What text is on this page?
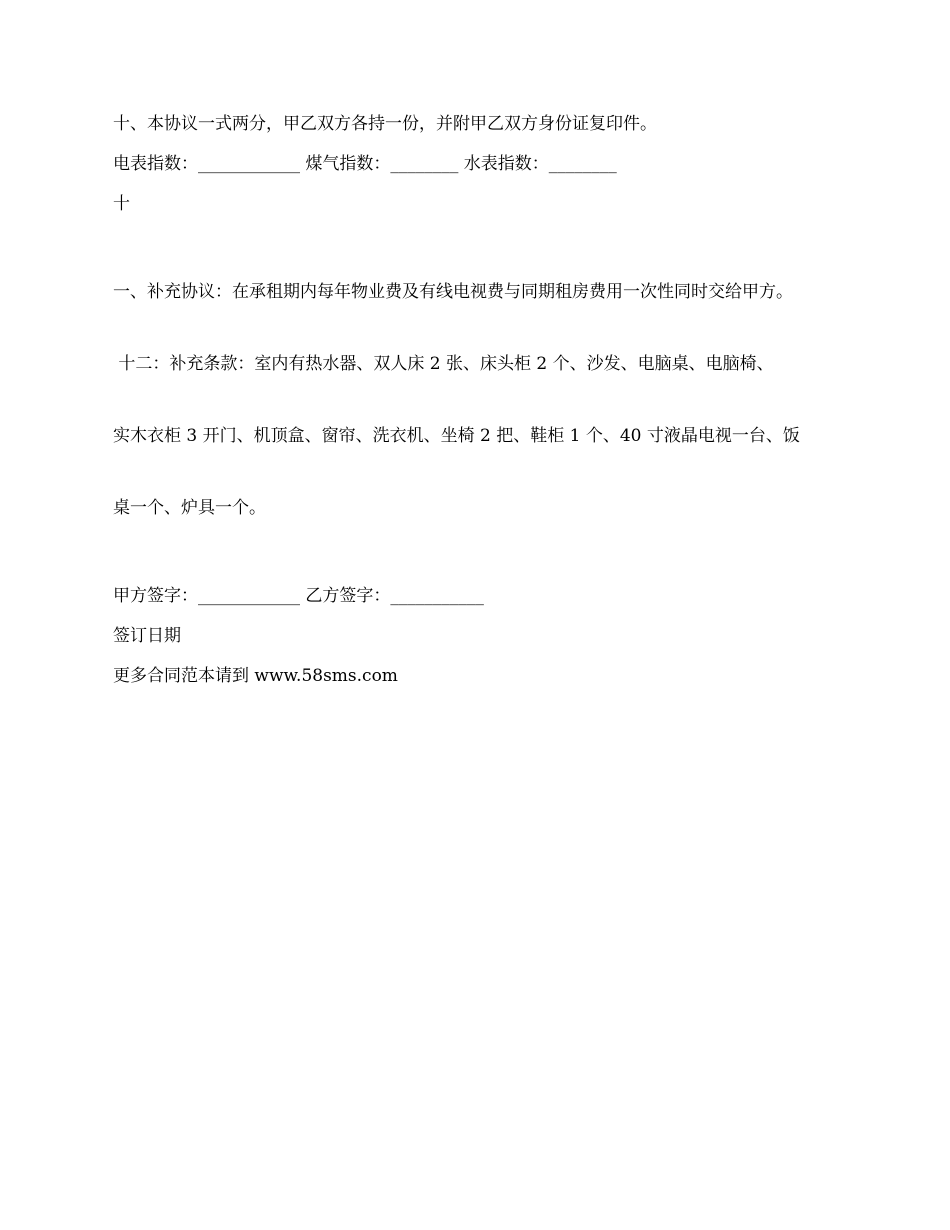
十、本协议一式两分，甲乙双方各持一份，并附甲乙双方身份证复印件。

电表指数：____________ 煤气指数：________ 水表指数：________

十

一、补充协议：在承租期内每年物业费及有线电视费与同期租房费用一次性同时交给甲方。

十二：补充条款：室内有热水器、双人床 2 张、床头柜 2 个、沙发、电脑桌、电脑椅、

实木衣柜 3 开门、机顶盒、窗帘、洗衣机、坐椅 2 把、鞋柜 1 个、40 寸液晶电视一台、饭

桌一个、炉具一个。

甲方签字：____________ 乙方签字：___________

签订日期

更多合同范本请到 www.58sms.com
